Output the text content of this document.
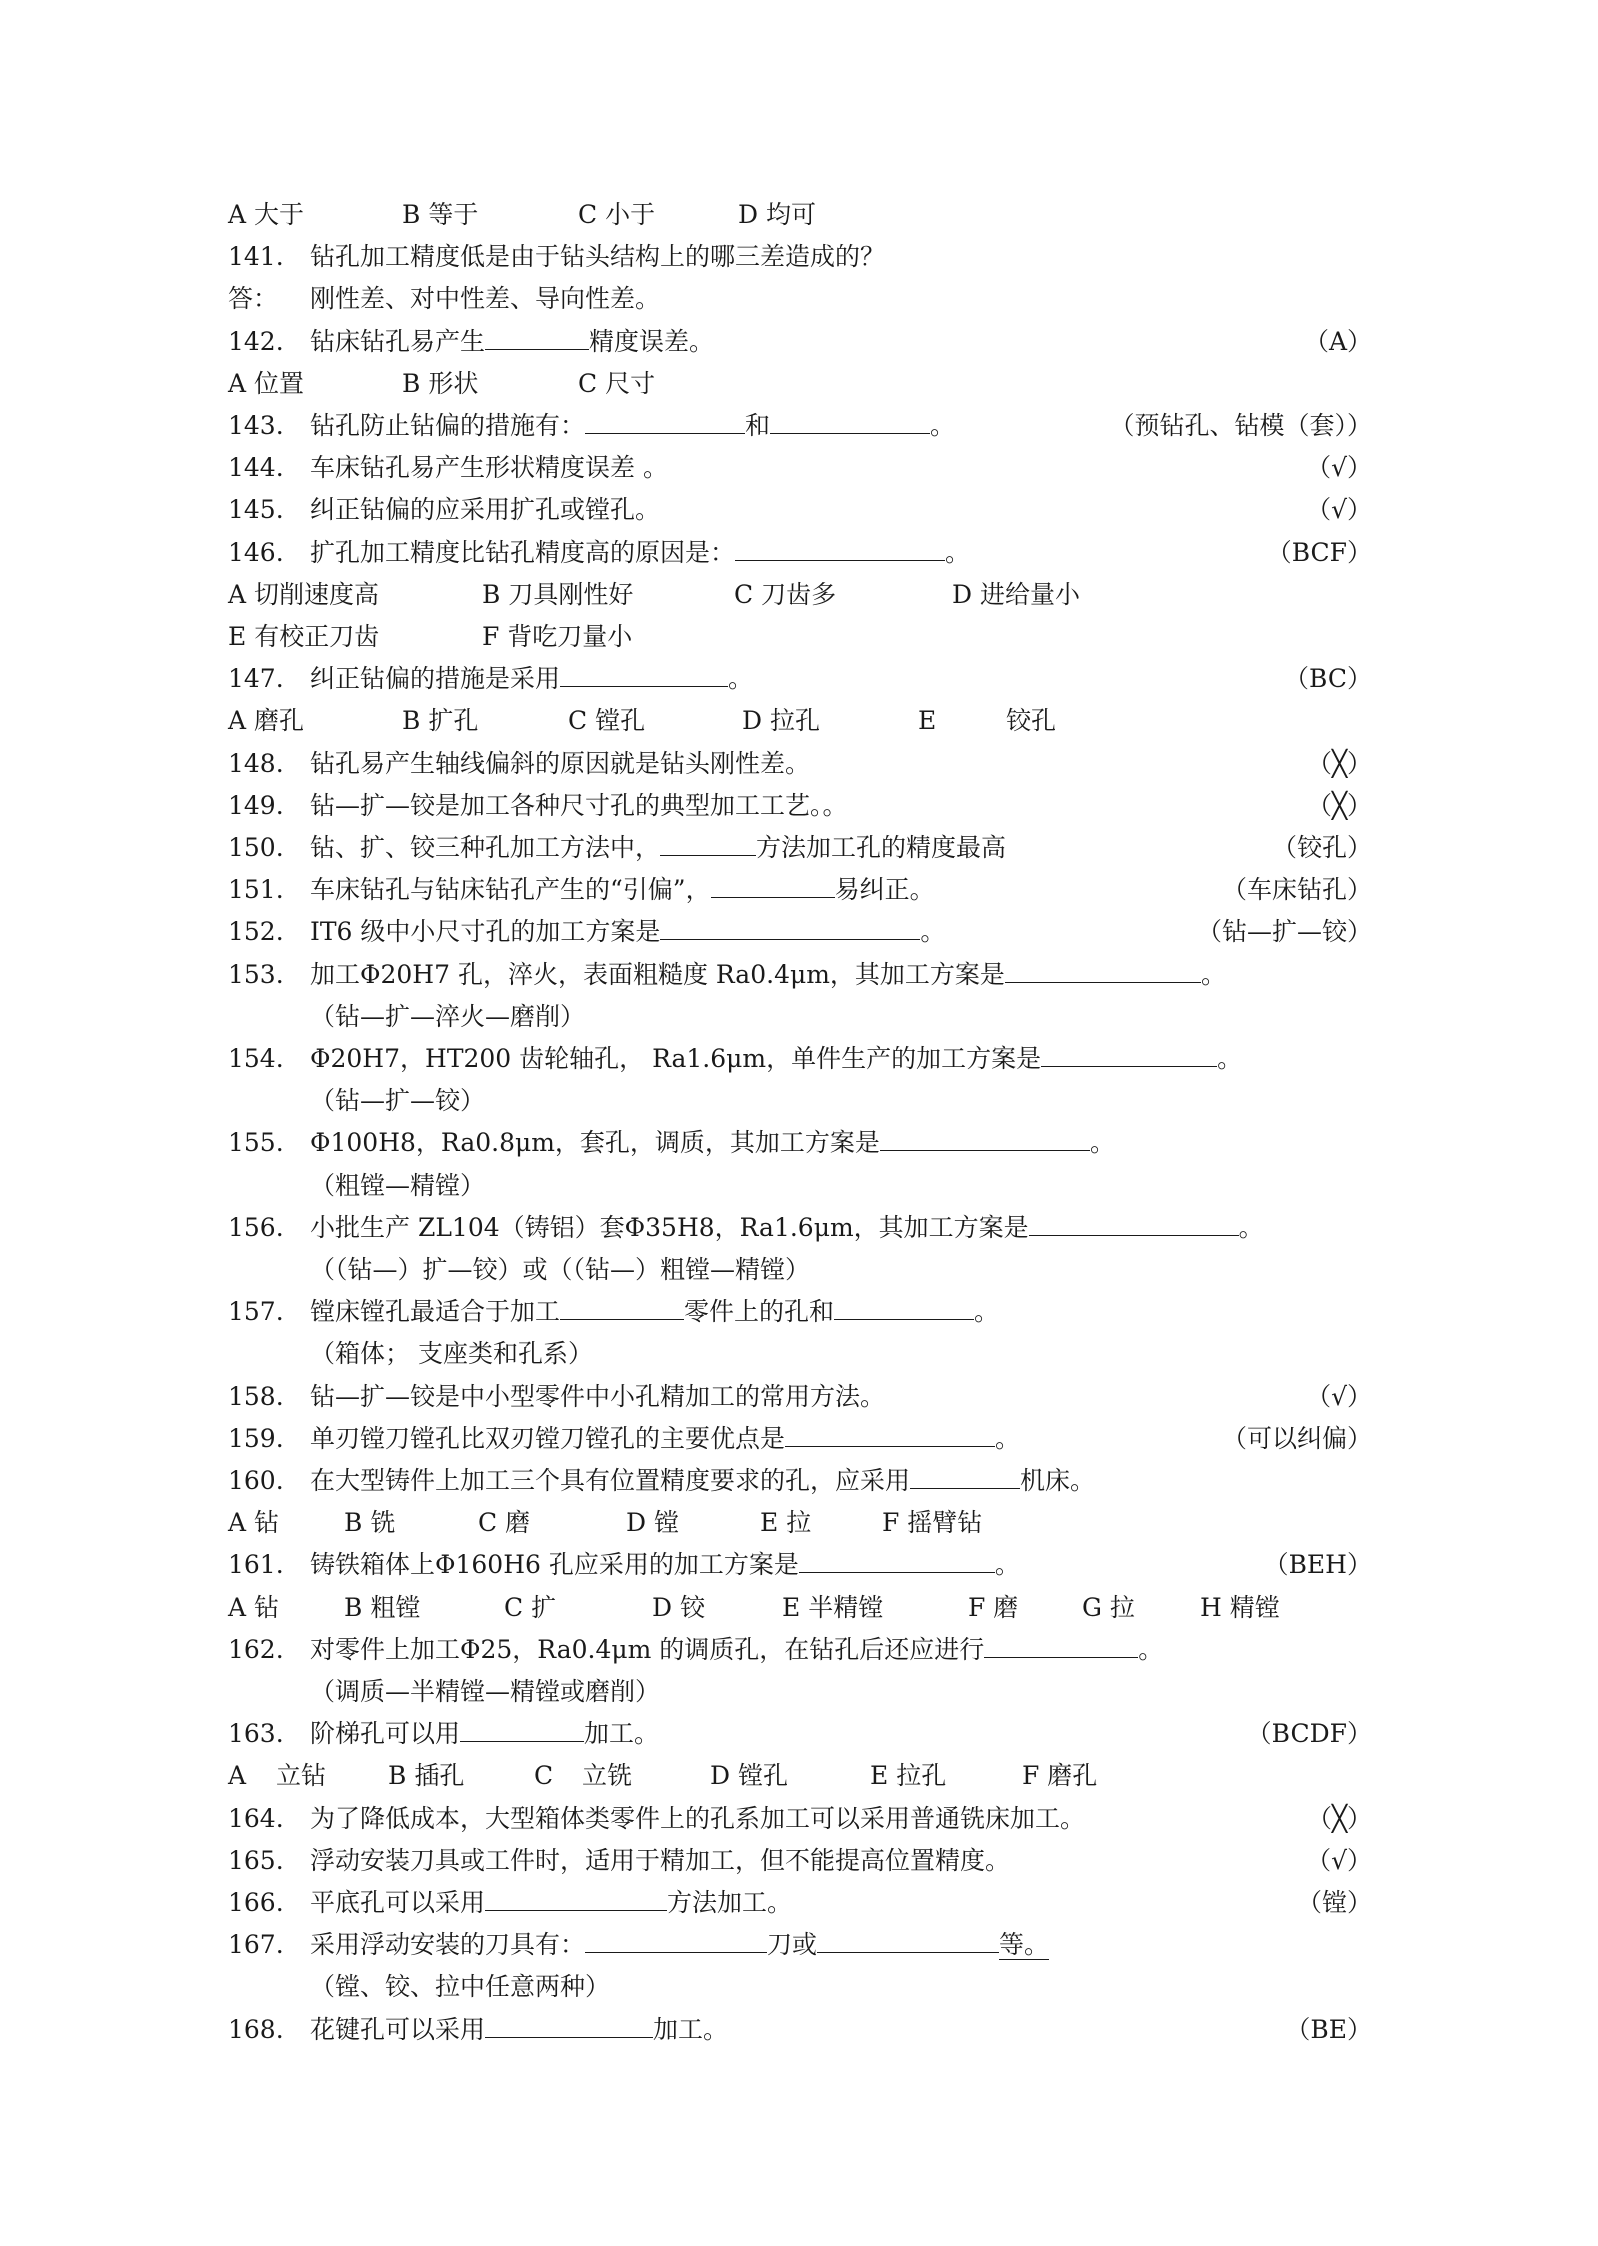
A 大于	B 等于	C 小于	D 均可
141. 钻孔加工精度低是由于钻头结构上的哪三差造成的？
答： 刚性差、对中性差、导向性差。
142. 钻床钻孔易产生	精度误差。	（A）
A 位置	B 形状	C 尺寸
143. 钻孔防止钻偏的措施有：	和	。	（预钻孔、钻模（套））
144. 车床钻孔易产生形状精度误差 。	（√）
145. 纠正钻偏的应采用扩孔或镗孔。	（√）
146. 扩孔加工精度比钻孔精度高的原因是：	。	（BCF）
A 切削速度高	B 刀具刚性好	C 刀齿多	D 进给量小
E 有校正刀齿	F 背吃刀量小
147. 纠正钻偏的措施是采用	。	（BC）
A 磨孔	B 扩孔	C 镗孔	D 拉孔	E	铰孔
148. 钻孔易产生轴线偏斜的原因就是钻头刚性差。	（╳）
149. 钻—扩—铰是加工各种尺寸孔的典型加工工艺。。	（╳）
150. 钻、扩、铰三种孔加工方法中，	方法加工孔的精度最高	（铰孔）
151. 车床钻孔与钻床钻孔产生的“引偏”，	易纠正。	（车床钻孔）
152. IT6 级中小尺寸孔的加工方案是	。	（钻—扩—铰）
153. 加工Φ20H7 孔，淬火，表面粗糙度 Ra0.4μm，其加工方案是	。
（钻—扩—淬火—磨削）
154. Φ20H7，HT200 齿轮轴孔， Ra1.6μm，单件生产的加工方案是	。
（钻—扩—铰）
155. Φ100H8，Ra0.8μm，套孔，调质，其加工方案是	。
（粗镗—精镗）
156. 小批生产 ZL104（铸铝）套Φ35H8，Ra1.6μm，其加工方案是	。
（（钻—）扩—铰）或（（钻—）粗镗—精镗）
157. 镗床镗孔最适合于加工	零件上的孔和	。
（箱体； 支座类和孔系）
158. 钻—扩—铰是中小型零件中小孔精加工的常用方法。	（√）
159. 单刃镗刀镗孔比双刃镗刀镗孔的主要优点是	。	（可以纠偏）
160. 在大型铸件上加工三个具有位置精度要求的孔，应采用	机床。
A 钻	B 铣	C 磨	D 镗	E 拉	F 摇臂钻
161. 铸铁箱体上Φ160H6 孔应采用的加工方案是	。	（BEH）
A 钻	B 粗镗	C 扩	D 铰	E 半精镗	F 磨	G 拉	H 精镗
162. 对零件上加工Φ25，Ra0.4μm 的调质孔，在钻孔后还应进行	。
（调质—半精镗—精镗或磨削）
163. 阶梯孔可以用	加工。	（BCDF）
A 立钻 B 插孔	C 立铣	D 镗孔	E 拉孔	F 磨孔
164. 为了降低成本，大型箱体类零件上的孔系加工可以采用普通铣床加工。	（╳）
165. 浮动安装刀具或工件时，适用于精加工，但不能提高位置精度。	（√）
166. 平底孔可以采用	方法加工。	（镗）
167. 采用浮动安装的刀具有：	刀或	等。
（镗、铰、拉中任意两种）
168. 花键孔可以采用	加工。	（BE）
